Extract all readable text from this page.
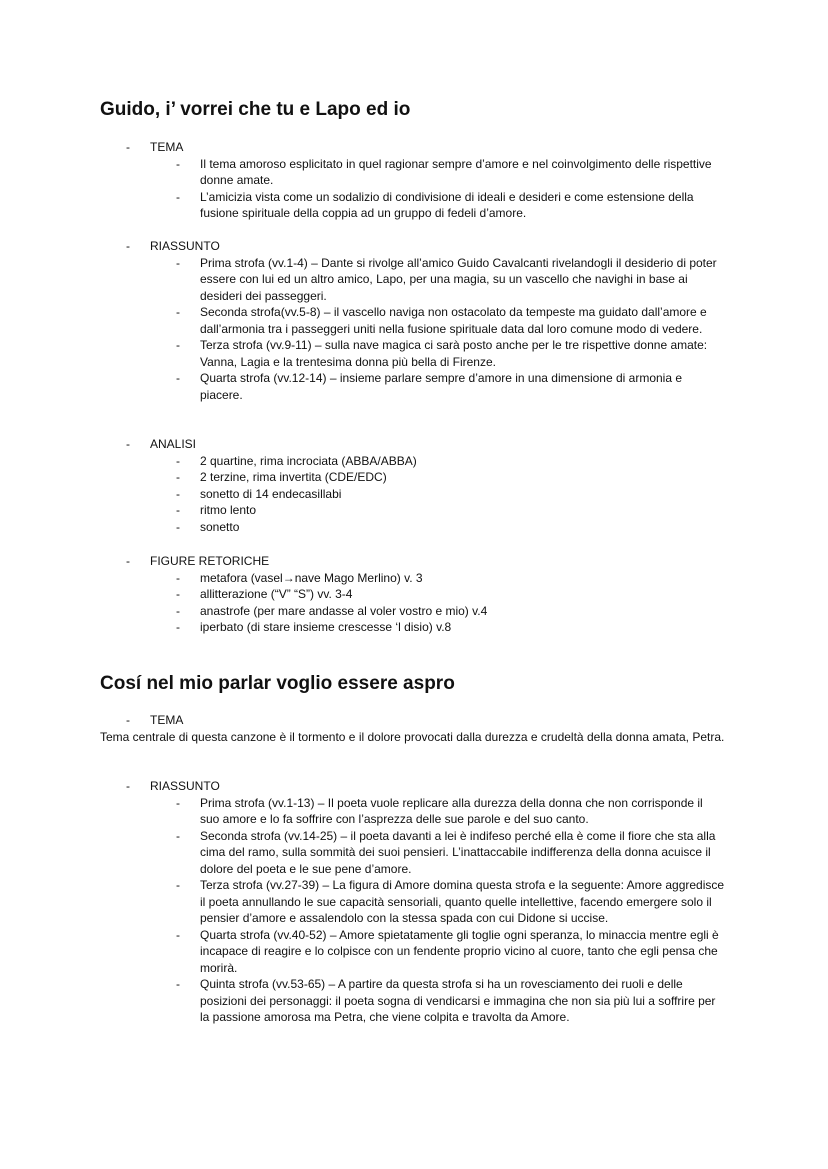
Guido, i’ vorrei che tu e Lapo ed io
- TEMA
- Il tema amoroso esplicitato in quel ragionar sempre d’amore e nel coinvolgimento delle rispettive donne amate.
- L’amicizia vista come un sodalizio di condivisione di ideali e desideri e come estensione della fusione spirituale della coppia ad un gruppo di fedeli d’amore.
- RIASSUNTO
- Prima strofa (vv.1-4) – Dante si rivolge all’amico Guido Cavalcanti rivelandogli il desiderio di poter essere con lui ed un altro amico, Lapo, per una magia, su un vascello che navighi in base ai desideri dei passeggeri.
- Seconda strofa(vv.5-8) – il vascello naviga non ostacolato da tempeste ma guidato dall’amore e dall’armonia tra i passeggeri uniti nella fusione spirituale data dal loro comune modo di vedere.
- Terza strofa (vv.9-11) – sulla nave magica ci sarà posto anche per le tre rispettive donne amate: Vanna, Lagia e la trentesima donna più bella di Firenze.
- Quarta strofa (vv.12-14) – insieme parlare sempre d’amore in una dimensione di armonia e piacere.
- ANALISI
- 2 quartine, rima incrociata (ABBA/ABBA)
- 2 terzine, rima invertita (CDE/EDC)
- sonetto di 14 endecasillabi
- ritmo lento
- sonetto
- FIGURE RETORICHE
- metafora (vasel→nave Mago Merlino) v. 3
- allitterazione (“V” “S”) vv. 3-4
- anastrofe (per mare andasse al voler vostro e mio) v.4
- iperbato (di stare insieme crescesse ‘l disio) v.8
Cosí nel mio parlar voglio essere aspro
- TEMA
Tema centrale di questa canzone è il tormento e il dolore provocati dalla durezza e crudeltà della donna amata, Petra.
- RIASSUNTO
- Prima strofa (vv.1-13) – Il poeta vuole replicare alla durezza della donna che non corrisponde il suo amore e lo fa soffrire con l’asprezza delle sue parole e del suo canto.
- Seconda strofa (vv.14-25) – il poeta davanti a lei è indifeso perché ella è come il fiore che sta alla cima del ramo, sulla sommità dei suoi pensieri. L’inattaccabile indifferenza della donna acuisce il dolore del poeta e le sue pene d’amore.
- Terza strofa (vv.27-39) – La figura di Amore domina questa strofa e la seguente: Amore aggredisce il poeta annullando le sue capacità sensoriali, quanto quelle intellettive, facendo emergere solo il pensier d’amore e assalendolo con la stessa spada con cui Didone si uccise.
- Quarta strofa (vv.40-52) – Amore spietatamente gli toglie ogni speranza, lo minaccia mentre egli è incapace di reagire e lo colpisce con un fendente proprio vicino al cuore, tanto che egli pensa che morirà.
- Quinta strofa (vv.53-65) – A partire da questa strofa si ha un rovesciamento dei ruoli e delle posizioni dei personaggi: il poeta sogna di vendicarsi e immagina che non sia più lui a soffrire per la passione amorosa ma Petra, che viene colpita e travolta da Amore.
